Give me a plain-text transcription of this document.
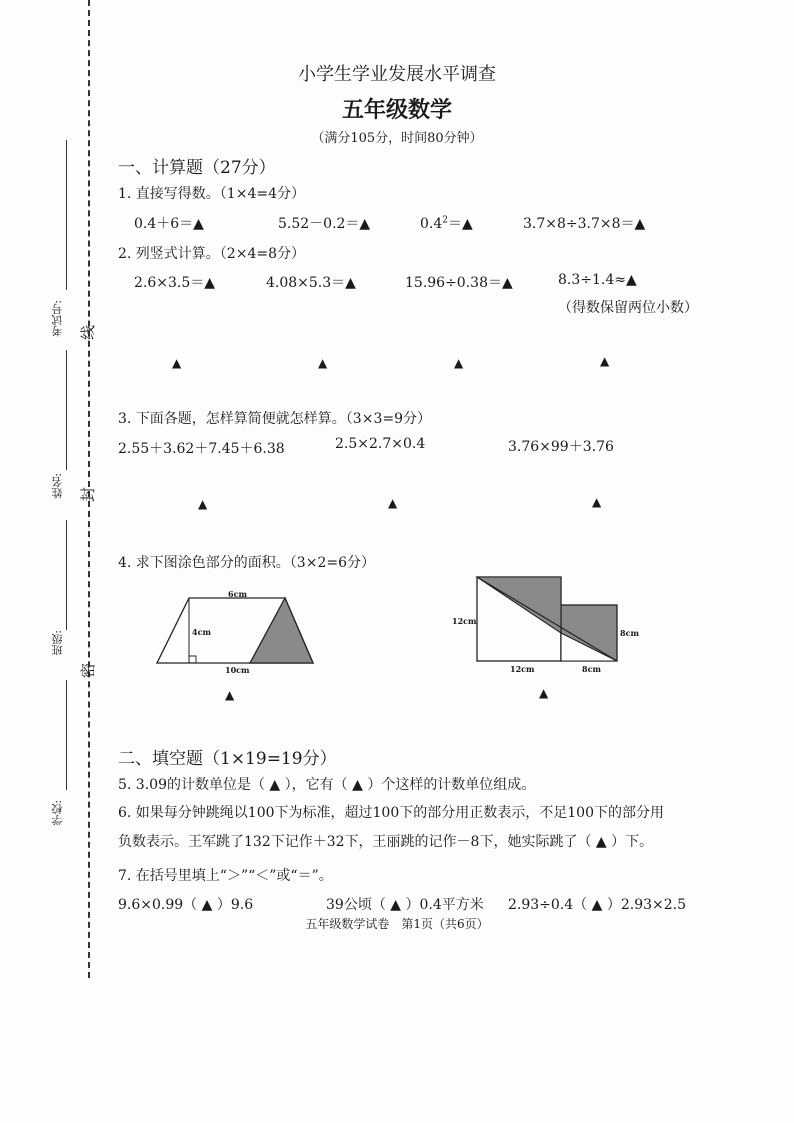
考试号:
姓名:
班级:
学校:
线
封
密
小学生学业发展水平调查
五年级数学
（满分105分，时间80分钟）
一、计算题（27分）
1. 直接写得数。（1×4=4分）
0.4＋6＝▲	5.52－0.2＝▲	$0.4^2=▲$	3.7×8÷3.7×8＝▲
2. 列竖式计算。（2×4=8分）
2.6×3.5＝▲	4.08×5.3＝▲	15.96÷0.38＝▲	8.3÷1.4≈▲
（得数保留两位小数）
▲	▲	▲	▲
3. 下面各题，怎样算简便就怎样算。（3×3=9分）
2.55＋3.62＋7.45＋6.38	2.5×2.7×0.4	3.76×99＋3.76
▲	▲	▲
4. 求下图涂色部分的面积。（3×2=6分）
6cm
4cm
10cm
▲
12cm
8cm
12cm	8cm
▲
二、填空题（1×19=19分）
5. 3.09的计数单位是（ ▲ ），它有（ ▲ ）个这样的计数单位组成。
6. 如果每分钟跳绳以100下为标准，超过100下的部分用正数表示，不足100下的部分用
负数表示。王军跳了132下记作＋32下，王丽跳的记作－8下，她实际跳了（ ▲ ）下。
7. 在括号里填上“＞”“＜”或“＝”。
9.6×0.99（ ▲ ）9.6	39公顷（ ▲ ）0.4平方米 2.93÷0.4（ ▲ ）2.93×2.5
五年级数学试卷　第1页（共6页）
